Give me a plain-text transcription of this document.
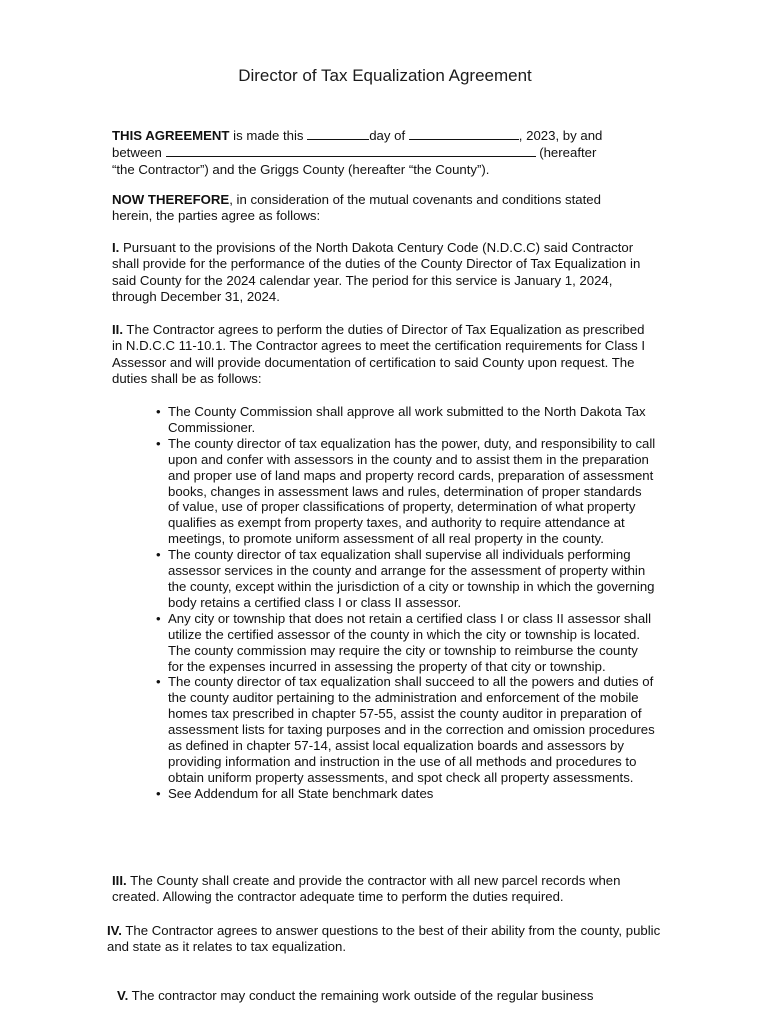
Director of Tax Equalization Agreement

THIS AGREEMENT is made this	day of	, 2023, by and
between	(hereafter
“the Contractor”) and the Griggs County (hereafter “the County”).

NOW THEREFORE, in consideration of the mutual covenants and conditions stated herein, the parties agree as follows:

I. Pursuant to the provisions of the North Dakota Century Code (N.D.C.C) said Contractor shall provide for the performance of the duties of the County Director of Tax Equalization in said County for the 2024 calendar year. The period for this service is January 1, 2024, through December 31, 2024.

II. The Contractor agrees to perform the duties of Director of Tax Equalization as prescribed in N.D.C.C 11-10.1. The Contractor agrees to meet the certification requirements for Class I Assessor and will provide documentation of certification to said County upon request. The duties shall be as follows:

• The County Commission shall approve all work submitted to the North Dakota Tax Commissioner.
• The county director of tax equalization has the power, duty, and responsibility to call upon and confer with assessors in the county and to assist them in the preparation and proper use of land maps and property record cards, preparation of assessment books, changes in assessment laws and rules, determination of proper standards of value, use of proper classifications of property, determination of what property qualifies as exempt from property taxes, and authority to require attendance at meetings, to promote uniform assessment of all real property in the county.
• The county director of tax equalization shall supervise all individuals performing assessor services in the county and arrange for the assessment of property within the county, except within the jurisdiction of a city or township in which the governing body retains a certified class I or class II assessor.
• Any city or township that does not retain a certified class I or class II assessor shall utilize the certified assessor of the county in which the city or township is located. The county commission may require the city or township to reimburse the county for the expenses incurred in assessing the property of that city or township.
• The county director of tax equalization shall succeed to all the powers and duties of the county auditor pertaining to the administration and enforcement of the mobile homes tax prescribed in chapter 57-55, assist the county auditor in preparation of assessment lists for taxing purposes and in the correction and omission procedures as defined in chapter 57-14, assist local equalization boards and assessors by providing information and instruction in the use of all methods and procedures to obtain uniform property assessments, and spot check all property assessments.
• See Addendum for all State benchmark dates

III. The County shall create and provide the contractor with all new parcel records when created. Allowing the contractor adequate time to perform the duties required.

IV. The Contractor agrees to answer questions to the best of their ability from the county, public and state as it relates to tax equalization.

V. The contractor may conduct the remaining work outside of the regular business
